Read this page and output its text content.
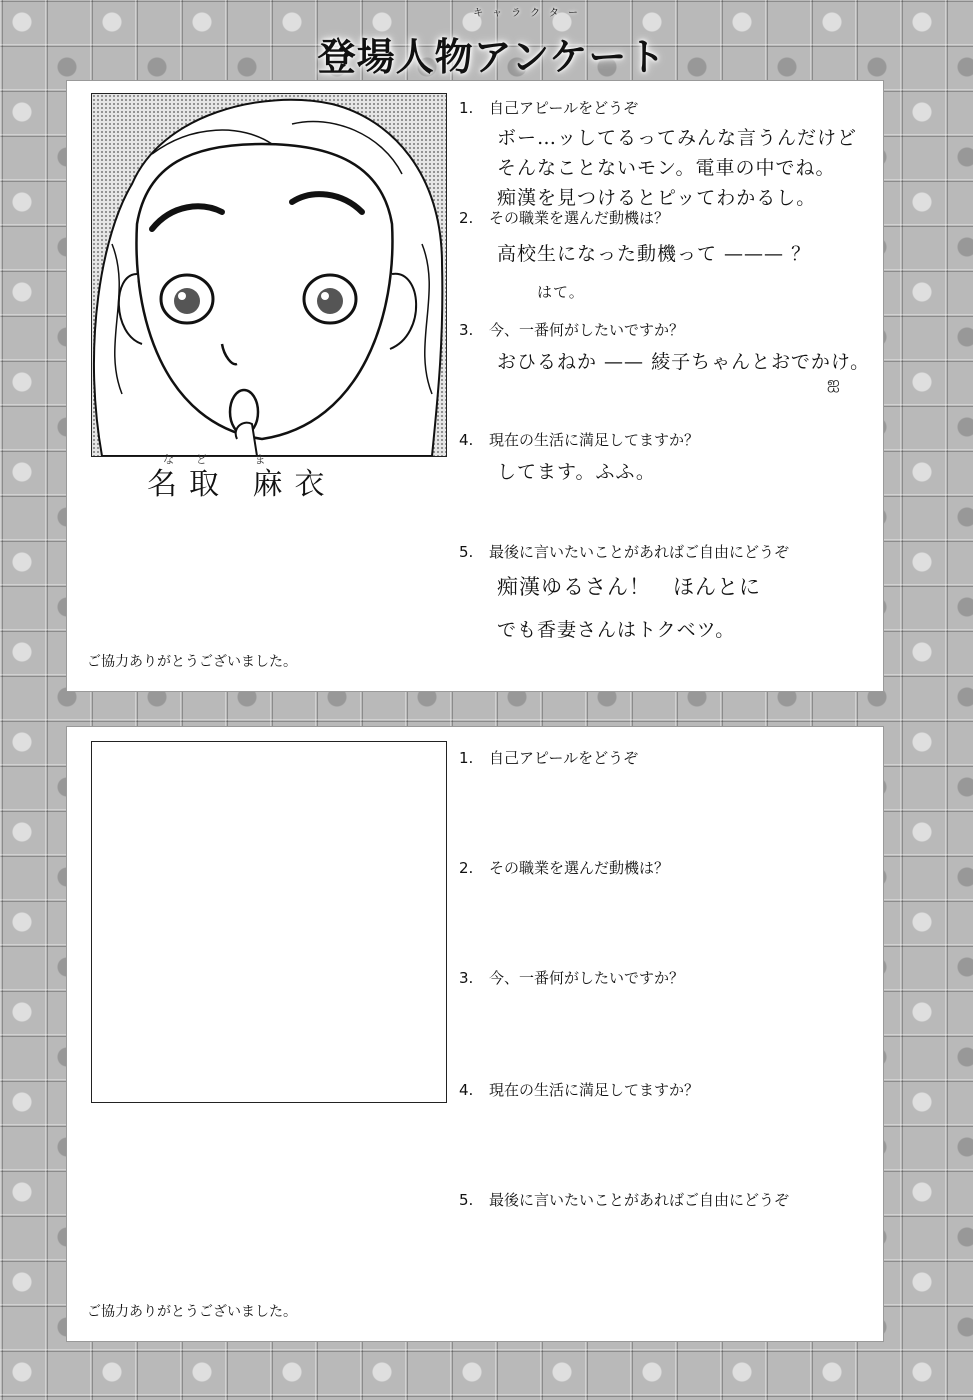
キャラクター
登場人物アンケート
など ま
名取 麻衣
1. 自己アピールをどうぞ
ボー…ッしてるってみんな言うんだけど
そんなことないモン。電車の中でね。
痴漢を見つけるとピッてわかるし。
2. その職業を選んだ動機は？
高校生になった動機って ——— ？
はて。
3. 今、一番何がしたいですか？
おひるねか —— 綾子ちゃんとおでかけ。
ஐ
4. 現在の生活に満足してますか？
してます。ふふ。
5. 最後に言いたいことがあればご自由にどうぞ
痴漢ゆるさん！　ほんとに
でも香妻さんはトクベツ。
ご協力ありがとうございました。
1. 自己アピールをどうぞ
2. その職業を選んだ動機は？
3. 今、一番何がしたいですか？
4. 現在の生活に満足してますか？
5. 最後に言いたいことがあればご自由にどうぞ
ご協力ありがとうございました。
